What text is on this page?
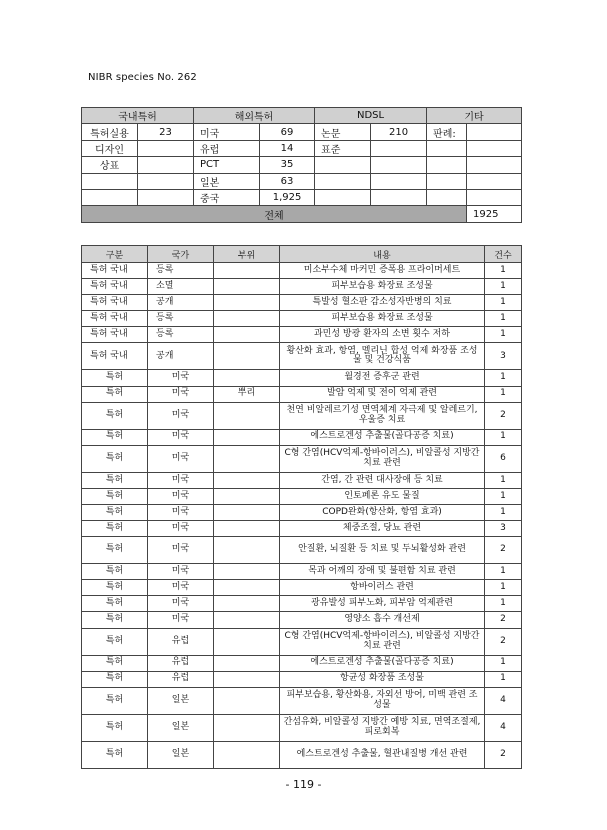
NIBR species No. 262
국내특허		해외특허		NDSL		기타	
특허실용	23	미국	69	논문	210	판례:	
디자인		유럽	14	표준			
상표		PCT	35				
		일본	63				
		중국	1,925				
전체							1925
구분	국가	부위	내용	건수
특허 국내	등록		미소부수체 마커민 증폭용 프라이머세트	1
특허 국내	소멸		피부보습용 화장료 조성물	1
특허 국내	공개		특발성 혈소판 감소성자반병의 치료	1
특허 국내	등록		피부보습용 화장료 조성물	1
특허 국내	등록		과민성 방광 환자의 소변 횟수 저하	1
특허 국내	공개		황산화 효과, 항염, 멜리닌 합성 억제 화장품 조성물 및 건강식품	3
특허	미국		월경전 증후군 관련	1
특허	미국	뿌리	발암 억제 및 전이 억제 관련	1
특허	미국		천연 비알레르기성 면역체계 자극제 및 알레르기, 우울증 치료	2
특허	미국		에스트로겐성 추출물(골다공증 치료)	1
특허	미국		C형 간염(HCV억제-항바이러스), 비알콜성 지방간 치료 관련	6
특허	미국		간염, 간 관련 대사장애 등 치료	1
특허	미국		인토페론 유도 물질	1
특허	미국		COPD완화(항산화, 항염 효과)	1
특허	미국		체중조절, 당뇨 관련	3
특허	미국		안질환, 뇌질환 등 치료 및 두뇌활성화 관련	2
특허	미국		목과 어깨의 장애 및 불편함 치료 관련	1
특허	미국		항바이러스 관련	1
특허	미국		광유발성 피부노화, 피부암 억제관련	1
특허	미국		영양소 흡수 개선제	2
특허	유럽		C형 간염(HCV억제-항바이러스), 비알콜성 지방간 치료 관련	2
특허	유럽		에스트로겐성 추출물(골다공증 치료)	1
특허	유럽		항균성 화장품 조성물	1
특허	일본		피부보습용, 황산화용, 자외선 방어, 미백 관련 조성물	4
특허	일본		간섬유화, 비알콜성 지방간 예방 치료, 면역조절제, 피로회복	4
특허	일본		에스트로겐성 추출물, 혈관내질병 개선 관련	2
- 119 -
